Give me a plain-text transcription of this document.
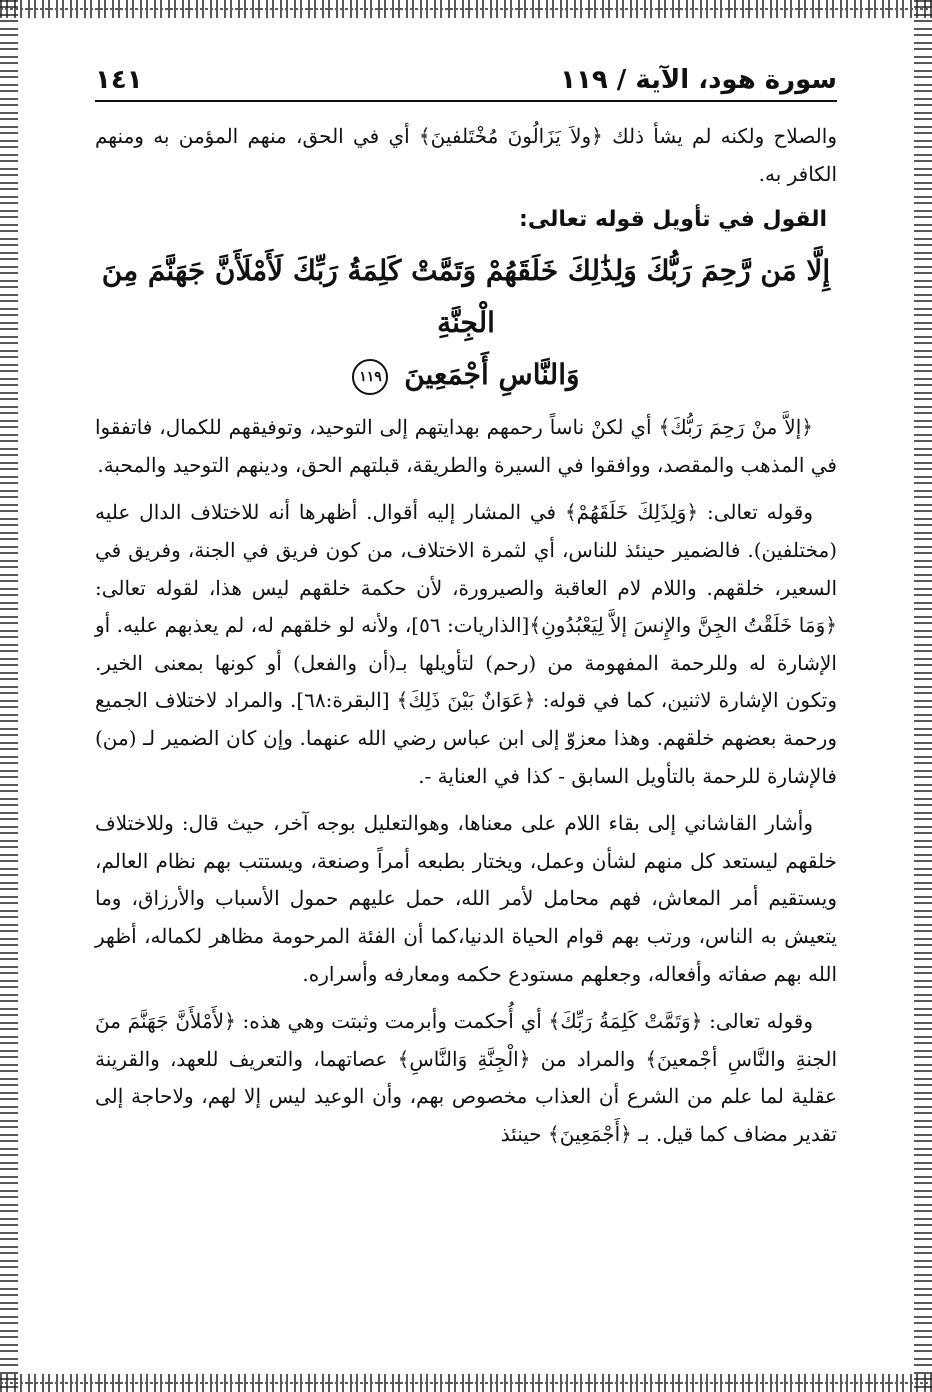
سورة هود، الآية / ١١٩
١٤١

والصلاح ولكنه لم يشأ ذلك ﴿ولاَ يَزَالُونَ مُخْتَلفينَ﴾ أي في الحق، منهم المؤمن به ومنهم الكافر به.

القول في تأويل قوله تعالى:
إِلَّا مَن رَّحِمَ رَبُّكَ وَلِذَٰلِكَ خَلَقَهُمْ وَتَمَّتْ كَلِمَةُ رَبِّكَ لَأَمْلَأَنَّ جَهَنَّمَ مِنَ الْجِنَّةِ
وَالنَّاسِ أَجْمَعِينَ ١١٩

﴿إلاَّ منْ رَحِمَ رَبُّكَ﴾ أي لكنْ ناساً رحمهم بهدايتهم إلى التوحيد، وتوفيقهم للكمال، فاتفقوا في المذهب والمقصد، ووافقوا في السيرة والطريقة، قبلتهم الحق، ودينهم التوحيد والمحبة.

وقوله تعالى: ﴿وَلِذَلِكَ خَلَقَهُمْ﴾ في المشار إليه أقوال. أظهرها أنه للاختلاف الدال عليه (مختلفين). فالضمير حينئذ للناس، أي لثمرة الاختلاف، من كون فريق في الجنة، وفريق في السعير، خلقهم. واللام لام العاقبة والصيرورة، لأن حكمة خلقهم ليس هذا، لقوله تعالى: ﴿وَمَا خَلَقْتُ الجِنَّ والإِنسَ إلاَّ لِيَعْبُدُونِ﴾[الذاريات: ٥٦]، ولأنه لو خلقهم له، لم يعذبهم عليه. أو الإشارة له وللرحمة المفهومة من (رحم) لتأويلها بـ(أن والفعل) أو كونها بمعنى الخير. وتكون الإشارة لاثنين، كما في قوله: ﴿عَوَانٌ بَيْنَ ذَلِكَ﴾ [البقرة:٦٨]. والمراد لاختلاف الجميع ورحمة بعضهم خلقهم. وهذا معزوّ إلى ابن عباس رضي الله عنهما. وإن كان الضمير لـ (من) فالإشارة للرحمة بالتأويل السابق - كذا في العناية -.

وأشار القاشاني إلى بقاء اللام على معناها، وهوالتعليل بوجه آخر، حيث قال: وللاختلاف خلقهم ليستعد كل منهم لشأن وعمل، ويختار بطبعه أمراً وصنعة، ويستتب بهم نظام العالم، ويستقيم أمر المعاش، فهم محامل لأمر الله، حمل عليهم حمول الأسباب والأرزاق، وما يتعيش به الناس، ورتب بهم قوام الحياة الدنيا،كما أن الفئة المرحومة مظاهر لكماله، أظهر الله بهم صفاته وأفعاله، وجعلهم مستودع حكمه ومعارفه وأسراره.

وقوله تعالى: ﴿وَتَمَّتْ كَلِمَةُ رَبِّكَ﴾ أي أُحكمت وأبرمت وثبتت وهي هذه: ﴿لأَمْلأَنَّ جَهَنَّمَ منَ الجنةِ والنَّاسِ أجْمعينَ﴾ والمراد من ﴿الْجِنَّةِ وَالنَّاسِ﴾ عصاتهما، والتعريف للعهد، والقرينة عقلية لما علم من الشرع أن العذاب مخصوص بهم، وأن الوعيد ليس إلا لهم، ولاحاجة إلى تقدير مضاف كما قيل. بـ ﴿أَجْمَعِينَ﴾ حينئذ
